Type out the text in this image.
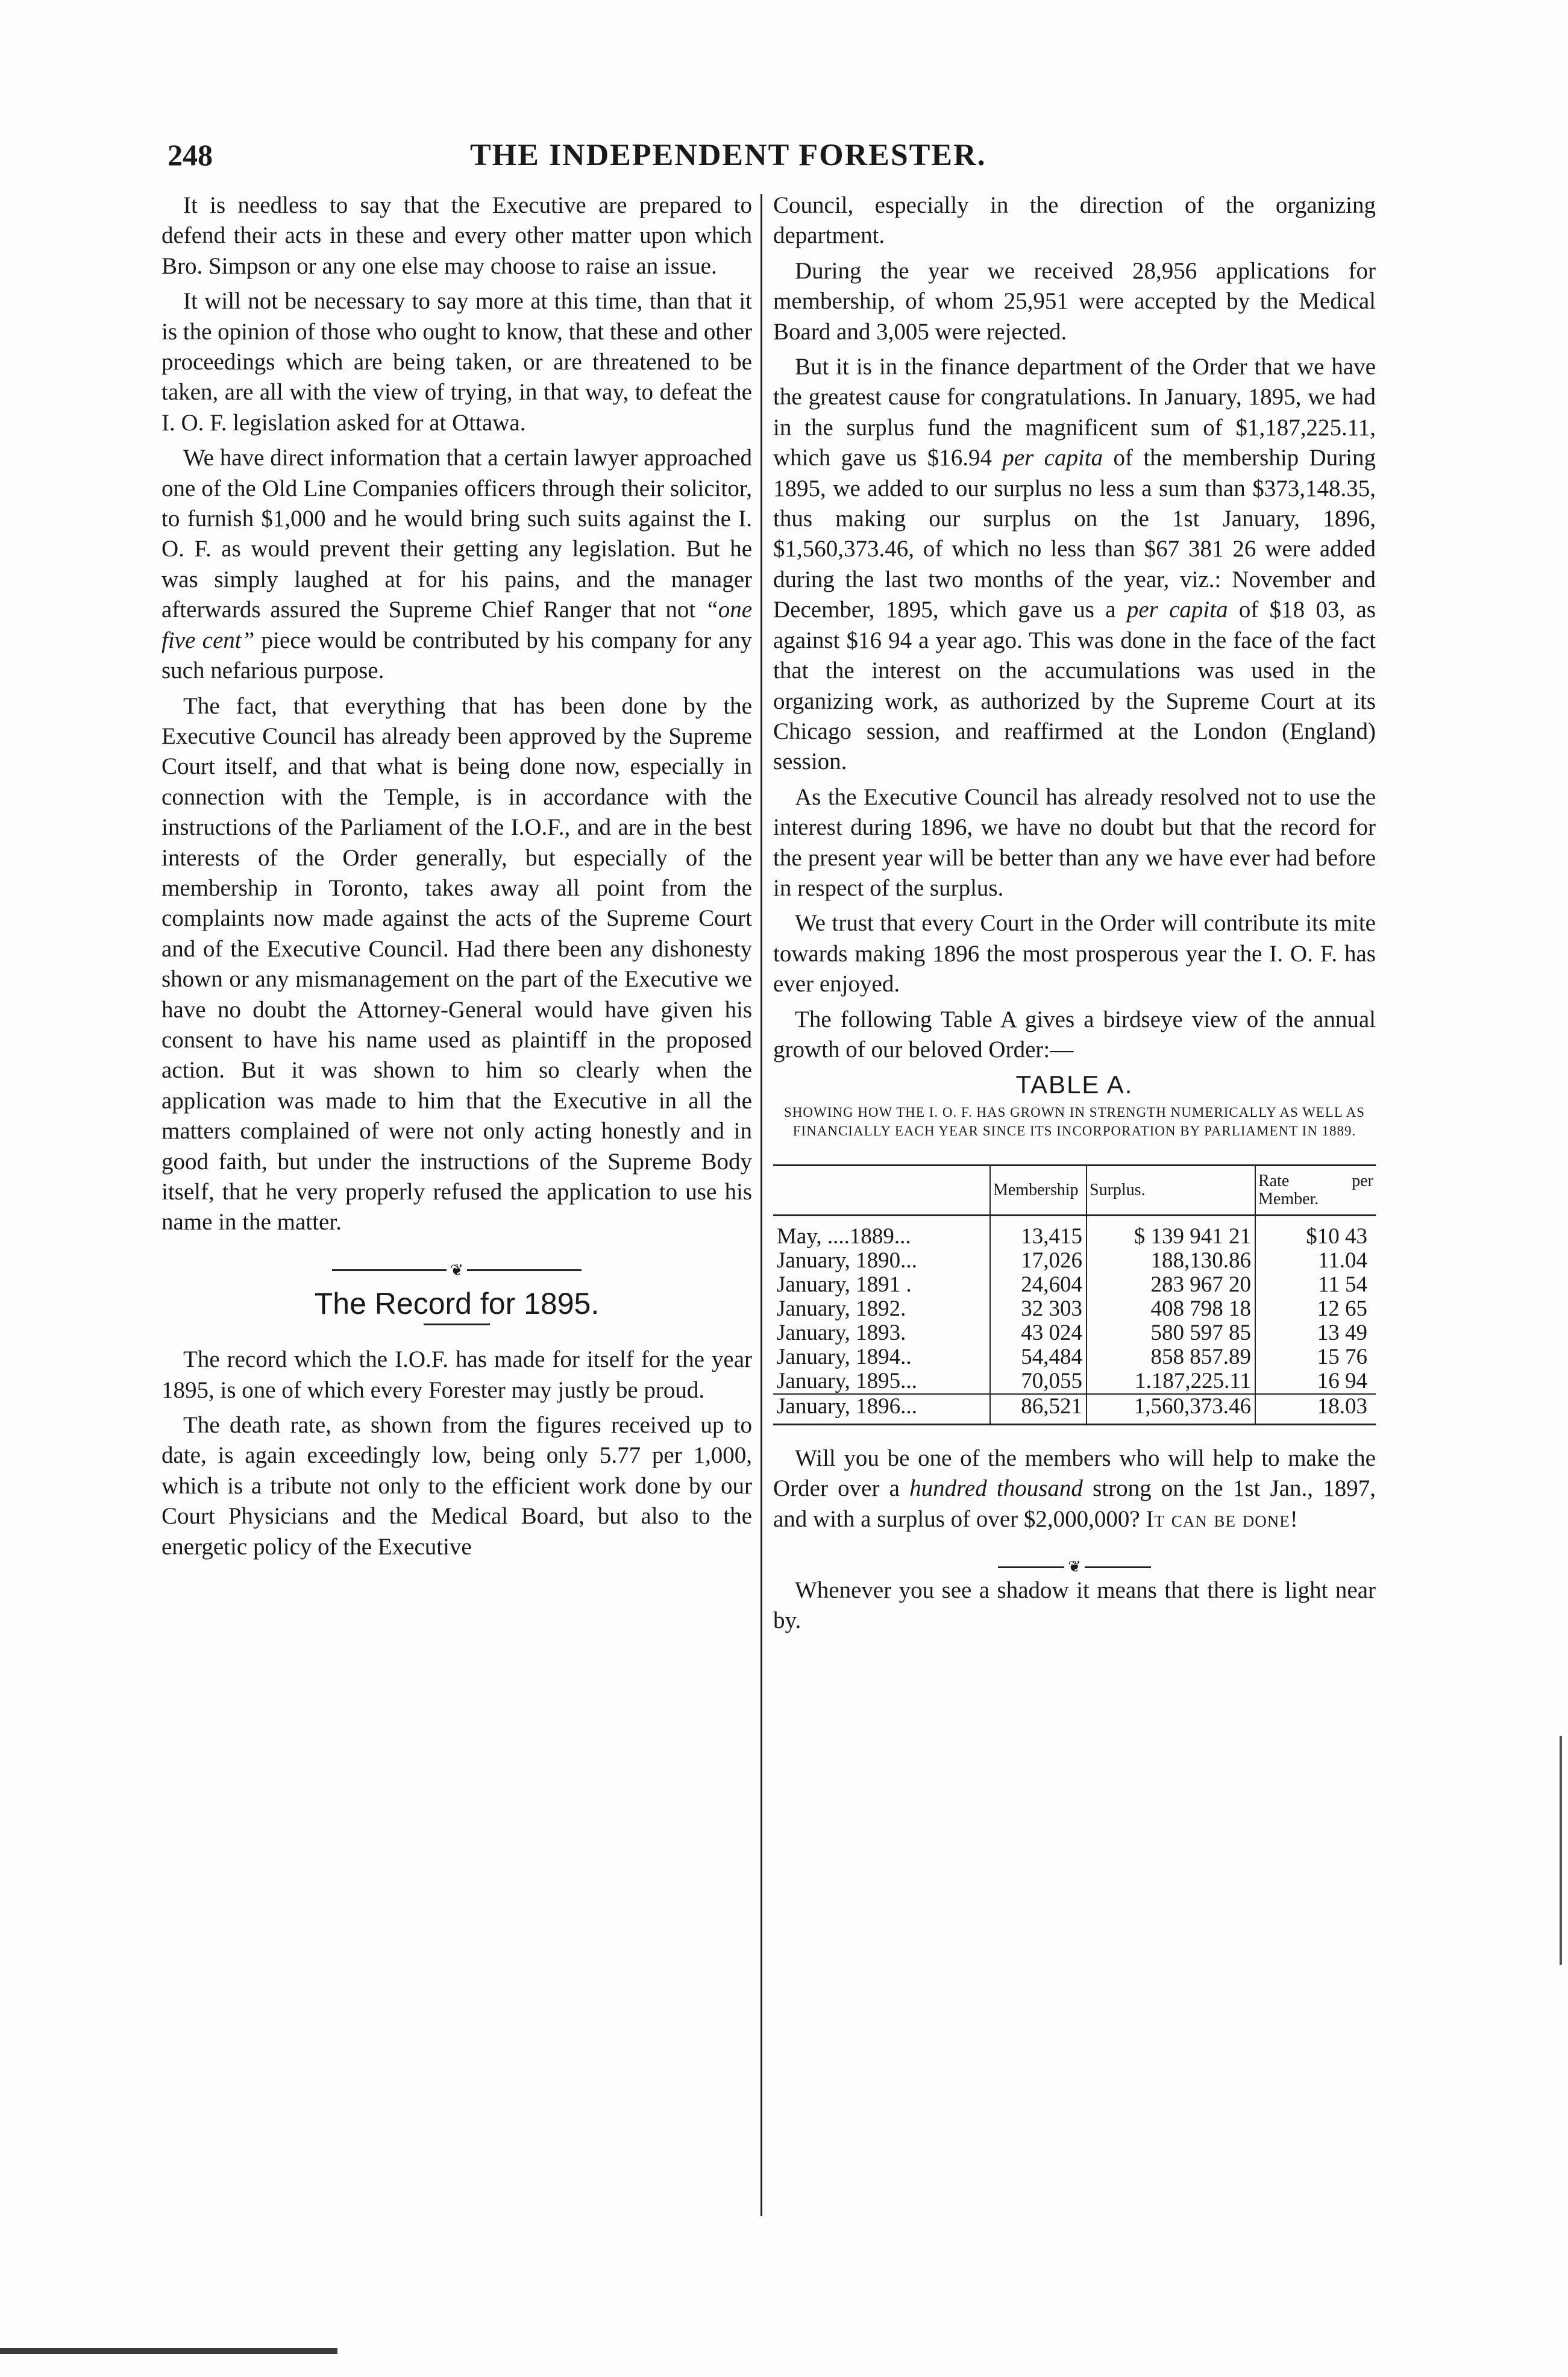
248	THE INDEPENDENT FORESTER.

It is needless to say that the Executive are prepared to defend their acts in these and every other matter upon which Bro. Simpson or any one else may choose to raise an issue.

It will not be necessary to say more at this time, than that it is the opinion of those who ought to know, that these and other proceedings which are being taken, or are threatened to be taken, are all with the view of trying, in that way, to defeat the I. O. F. legislation asked for at Ottawa.

We have direct information that a certain lawyer approached one of the Old Line Companies officers through their solicitor, to furnish $1,000 and he would bring such suits against the I. O. F. as would prevent their getting any legislation. But he was simply laughed at for his pains, and the manager afterwards assured the Supreme Chief Ranger that not “one five cent” piece would be contributed by his company for any such nefarious purpose.

The fact, that everything that has been done by the Executive Council has already been approved by the Supreme Court itself, and that what is being done now, especially in connection with the Temple, is in accordance with the instructions of the Parliament of the I.O.F., and are in the best interests of the Order generally, but especially of the membership in Toronto, takes away all point from the complaints now made against the acts of the Supreme Court and of the Executive Council. Had there been any dishonesty shown or any mismanagement on the part of the Executive we have no doubt the Attorney-General would have given his consent to have his name used as plaintiff in the proposed action. But it was shown to him so clearly when the application was made to him that the Executive in all the matters complained of were not only acting honestly and in good faith, but under the instructions of the Supreme Body itself, that he very properly refused the application to use his name in the matter.

❦
The Record for 1895.

The record which the I.O.F. has made for itself for the year 1895, is one of which every Forester may justly be proud.

The death rate, as shown from the figures received up to date, is again exceedingly low, being only 5.77 per 1,000, which is a tribute not only to the efficient work done by our Court Physicians and the Medical Board, but also to the energetic policy of the Executive

Council, especially in the direction of the organizing department.

During the year we received 28,956 applications for membership, of whom 25,951 were accepted by the Medical Board and 3,005 were rejected.

But it is in the finance department of the Order that we have the greatest cause for congratulations. In January, 1895, we had in the surplus fund the magnificent sum of $1,187,225.11, which gave us $16.94 per capita of the membership During 1895, we added to our surplus no less a sum than $373,148.35, thus making our surplus on the 1st January, 1896, $1,560,373.46, of which no less than $67 381 26 were added during the last two months of the year, viz.: November and December, 1895, which gave us a per capita of $18 03, as against $16 94 a year ago. This was done in the face of the fact that the interest on the accumulations was used in the organizing work, as authorized by the Supreme Court at its Chicago session, and reaffirmed at the London (England) session.

As the Executive Council has already resolved not to use the interest during 1896, we have no doubt but that the record for the present year will be better than any we have ever had before in respect of the surplus.

We trust that every Court in the Order will contribute its mite towards making 1896 the most prosperous year the I. O. F. has ever enjoyed.

The following Table A gives a birdseye view of the annual growth of our beloved Order:—

TABLE A.
SHOWING HOW THE I. O. F. HAS GROWN IN STRENGTH NUMERICALLY AS WELL AS FINANCIALLY EACH YEAR SINCE ITS INCORPORATION BY PARLIAMENT IN 1889.
	Membership	Surplus.	Rate per Member.
May, ....1889...	13,415	$ 139 941 21	$10 43
January, 1890...	17,026	188,130.86	11.04
January, 1891 .	24,604	283 967 20	11 54
January, 1892.	32 303	408 798 18	12 65
January, 1893.	43 024	580 597 85	13 49
January, 1894..	54,484	858 857.89	15 76
January, 1895...	70,055	1.187,225.11	16 94
January, 1896...	86,521	1,560,373.46	18.03

Will you be one of the members who will help to make the Order over a hundred thousand strong on the 1st Jan., 1897, and with a surplus of over $2,000,000? It can be done!

❦

Whenever you see a shadow it means that there is light near by.
